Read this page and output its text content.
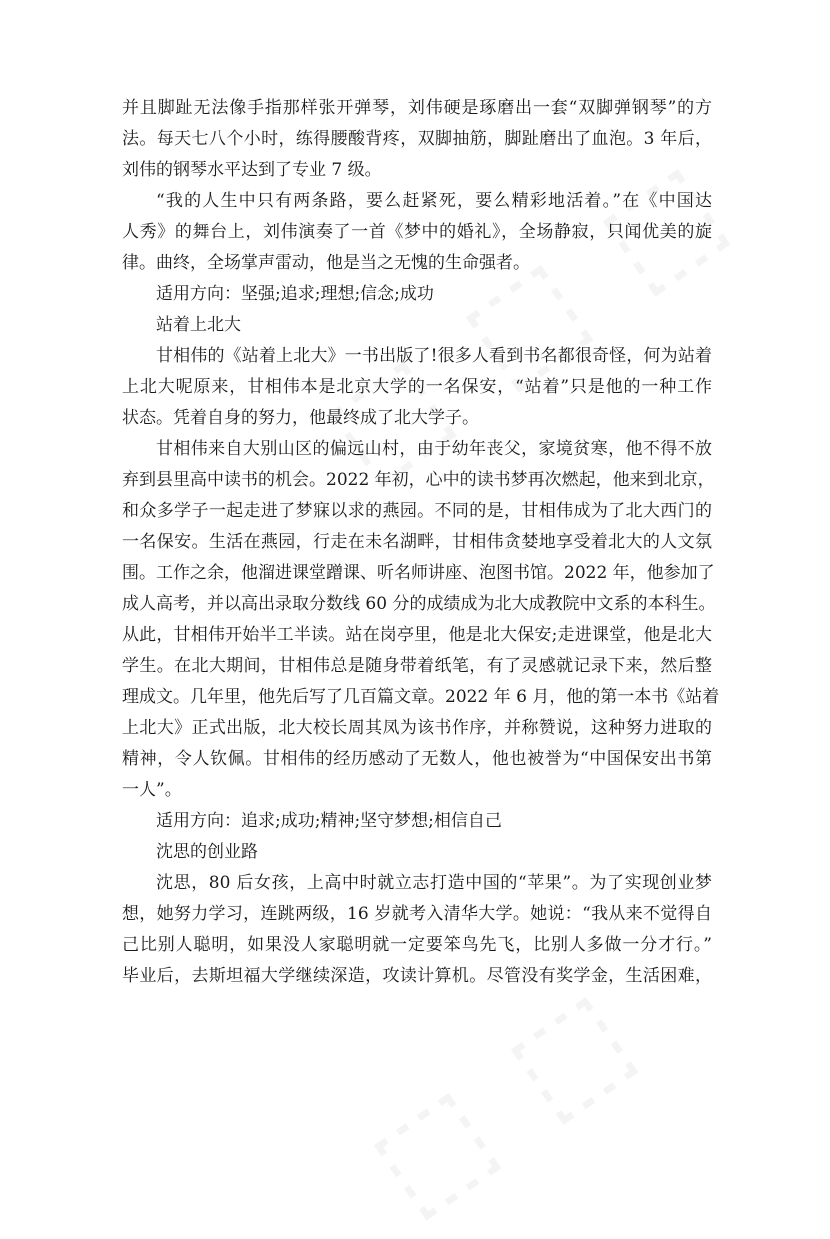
并且脚趾无法像手指那样张开弹琴，刘伟硬是琢磨出一套“双脚弹钢琴”的方
法。每天七八个小时，练得腰酸背疼，双脚抽筋，脚趾磨出了血泡。3 年后，
刘伟的钢琴水平达到了专业 7 级。
“我的人生中只有两条路，要么赶紧死，要么精彩地活着。”在《中国达
人秀》的舞台上，刘伟演奏了一首《梦中的婚礼》，全场静寂，只闻优美的旋
律。曲终，全场掌声雷动，他是当之无愧的生命强者。
适用方向：坚强;追求;理想;信念;成功
站着上北大
甘相伟的《站着上北大》一书出版了!很多人看到书名都很奇怪，何为站着
上北大呢原来，甘相伟本是北京大学的一名保安，“站着”只是他的一种工作
状态。凭着自身的努力，他最终成了北大学子。
甘相伟来自大别山区的偏远山村，由于幼年丧父，家境贫寒，他不得不放
弃到县里高中读书的机会。2022 年初，心中的读书梦再次燃起，他来到北京，
和众多学子一起走进了梦寐以求的燕园。不同的是，甘相伟成为了北大西门的
一名保安。生活在燕园，行走在未名湖畔，甘相伟贪婪地享受着北大的人文氛
围。工作之余，他溜进课堂蹭课、听名师讲座、泡图书馆。2022 年，他参加了
成人高考，并以高出录取分数线 60 分的成绩成为北大成教院中文系的本科生。
从此，甘相伟开始半工半读。站在岗亭里，他是北大保安;走进课堂，他是北大
学生。在北大期间，甘相伟总是随身带着纸笔，有了灵感就记录下来，然后整
理成文。几年里，他先后写了几百篇文章。2022 年 6 月，他的第一本书《站着
上北大》正式出版，北大校长周其凤为该书作序，并称赞说，这种努力进取的
精神，令人钦佩。甘相伟的经历感动了无数人，他也被誉为“中国保安出书第
一人”。
适用方向：追求;成功;精神;坚守梦想;相信自己
沈思的创业路
沈思，80 后女孩，上高中时就立志打造中国的“苹果”。为了实现创业梦
想，她努力学习，连跳两级，16 岁就考入清华大学。她说：“我从来不觉得自
己比别人聪明，如果没人家聪明就一定要笨鸟先飞，比别人多做一分才行。”
毕业后，去斯坦福大学继续深造，攻读计算机。尽管没有奖学金，生活困难，
